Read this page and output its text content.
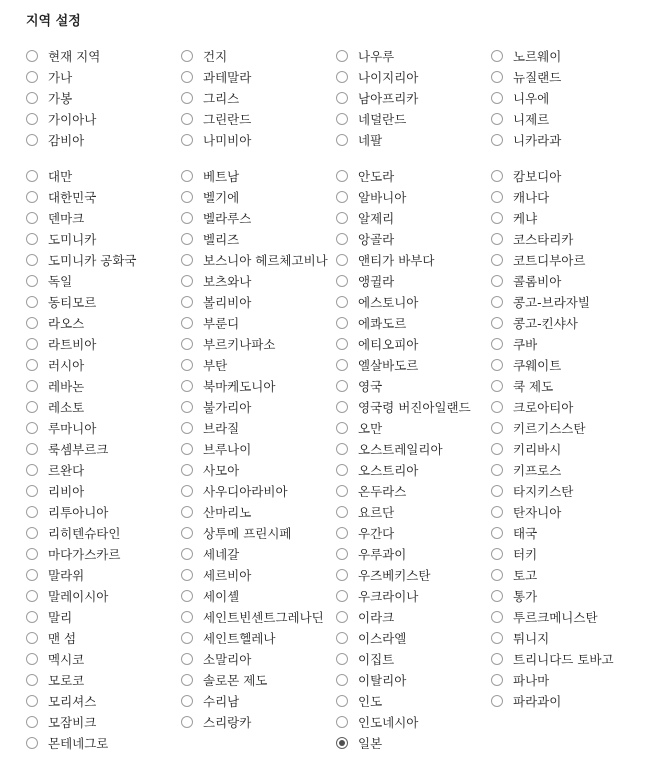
지역 설정
현재 지역
가나
가봉
가이아나
감비아
건지
과테말라
그리스
그린란드
나미비아
나우루
나이지리아
남아프리카
네덜란드
네팔
노르웨이
뉴질랜드
니우에
니제르
니카라과
대만
대한민국
덴마크
도미니카
도미니카 공화국
독일
동티모르
라오스
라트비아
러시아
레바논
레소토
루마니아
룩셈부르크
르완다
리비아
리투아니아
리히텐슈타인
마다가스카르
말라위
말레이시아
말리
맨 섬
멕시코
모로코
모리셔스
모잠비크
몬테네그로
베트남
벨기에
벨라루스
벨리즈
보스니아 헤르체고비나
보츠와나
볼리비아
부룬디
부르키나파소
부탄
북마케도니아
불가리아
브라질
브루나이
사모아
사우디아라비아
산마리노
상투메 프린시페
세네갈
세르비아
세이셸
세인트빈센트그레나딘
세인트헬레나
소말리아
솔로몬 제도
수리남
스리랑카
안도라
알바니아
알제리
앙골라
앤티가 바부다
앵귈라
에스토니아
에콰도르
에티오피아
엘살바도르
영국
영국령 버진아일랜드
오만
오스트레일리아
오스트리아
온두라스
요르단
우간다
우루과이
우즈베키스탄
우크라이나
이라크
이스라엘
이집트
이탈리아
인도
인도네시아
일본
캄보디아
캐나다
케냐
코스타리카
코트디부아르
콜롬비아
콩고-브라자빌
콩고-킨샤사
쿠바
쿠웨이트
쿡 제도
크로아티아
키르기스스탄
키리바시
키프로스
타지키스탄
탄자니아
태국
터키
토고
통가
투르크메니스탄
튀니지
트리니다드 토바고
파나마
파라과이
